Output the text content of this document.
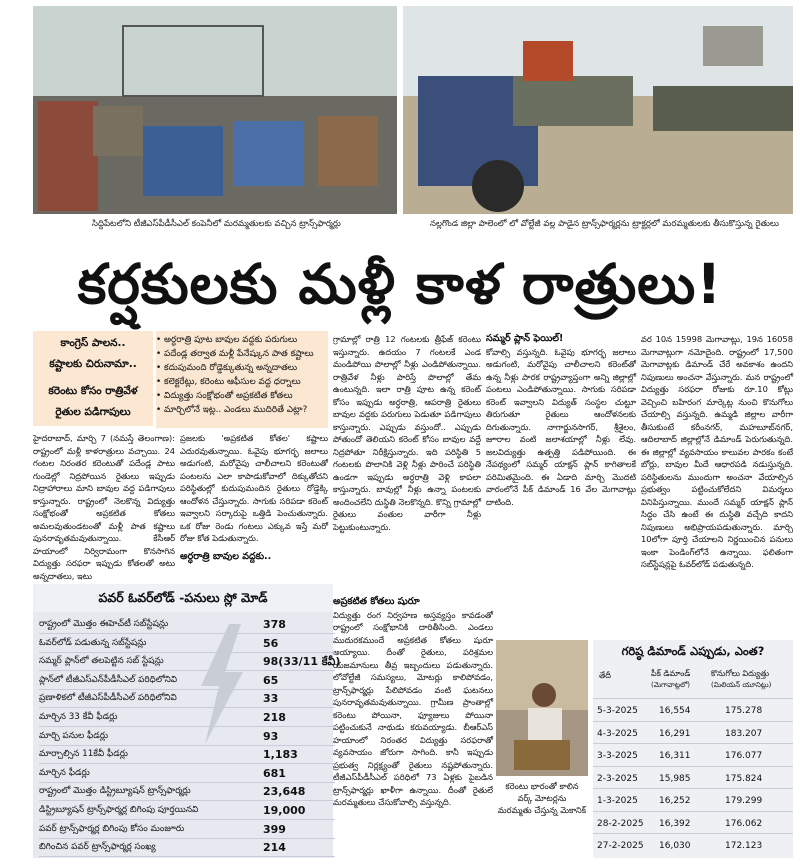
సిద్దిపేటలోని టీజీఎస్‌పీడీసీఎల్ కంపెనీలో మరమ్మతులకు వచ్చిన ట్రాన్స్‌ఫార్మర్లు	నల్లగొండ జిల్లా పాలెంలో లో వోల్టేజీ వల్ల పాడైన ట్రాన్స్‌ఫార్మర్లను ట్రాక్టర్లలో మరమ్మతులకు తీసుకొస్తున్న రైతులు
కర్షకులకు మళ్లీ కాళ రాత్రులు!
కాంగ్రెస్ పాలన..
కష్టాలకు చిరునామా..
కరెంటు కోసం రాత్రివేళ
రైతుల పడిగాపులు
• అర్ధరాత్రి పూట బావుల వద్దకు పరుగులు
• పదేండ్ల తర్వాత మళ్లీ పేనేష్కున పాత కష్టాలు
• కదుపుమంది రోడ్డెక్కుతున్న అన్నదాతలు
• కలెక్టరేట్లు, కరెంటు ఆఫీసుల వద్ద ధర్నాలు
• విద్యుత్తు సంక్షోభంతో అప్రకటిత కోతలు
• మార్చిలోనే ఇట్ల.. ఎండలు ముదిరితే ఎట్లా?

హైదరాబాద్, మార్చి 7 (నమస్తే తెలంగాణ): రాష్ట్రంలో మళ్లీ కాళరాత్రులు వచ్చాయి. 24 గంటల నిరంతర కరెంటుతో పదేండ్ల పాటు గుండెల్లో నిద్రపోయిన రైతులు ఇప్పుడు నిద్రాహారాలు మాని బావుల వద్ద పడిగాపులు కాస్తున్నారు. రాష్ట్రంలో నెలకొన్న విద్యుత్తు సంక్షోభంతో అప్రకటిత కోతలు అమలవుతుండటంతో మళ్లీ పాత కష్టాలు పునరావృతమవుతున్నాయి. కేసీఆర్ హయాంలో నిర్విరామంగా కొనసాగిన విద్యుత్తు సరఫరా ఇప్పుడు కోతలతో అటు అన్నదాతలు, ఇటు

ప్రజలకు 'అప్రకటిత కోతల' కష్టాలు ఎదురవుతున్నాయి. ఓవైపు భూగర్భ జలాలు అడుగంటి, మరోవైపు చాలీచాలని కరెంటుతో పంటలను ఎలా కాపాడుకోవాలో దిక్కుతోచని పరిస్థితుల్లో కుదుపుమందిన రైతులు రోడ్డెక్కి ఆందోళన చేస్తున్నారు. సాగుకు సరిపడా కరెంట్ ఇవ్వాలని సర్కారుపై ఒత్తిడి పెంచుతున్నారు. ఒక రోజు రెండు గంటలు ఎక్కువ ఇస్తే మరో రోజు కోత పెడుతున్నారు.

అర్ధరాత్రి బావుల వద్దకు..

గ్రామాల్లో రాత్రి 12 గంటలకు త్రీఫేజ్ కరెంటు ఇస్తున్నారు. ఉదయం 7 గంటలకే ఎండ మండిపోయి పొలాల్లో నీళ్లు ఎండిపోతున్నాయి. రాత్రివేళ నీళ్లు పారిస్తే పొలాల్లో తేమ ఉంటున్నది. ఇలా రాత్రి పూట ఉన్న కరెంట్ కోసం ఇప్పుడు అర్ధరాత్రి, ఆపరాత్రి రైతులు బావుల వద్దకు పరుగులు పెడుతూ పడిగాపులు కాస్తున్నారు. ఎప్పుడు వస్తుందో.. ఎప్పుడు పోతుందో తెలియని కరెంట్ కోసం బావుల వద్దే నిద్రపోతూ నిరీక్షిస్తున్నారు. ఇది పరిస్థితి 5 గంటలకు పొలానికి వెళ్లి నీళ్లు పారించే పరిస్థితి ఉండగా ఇప్పుడు అర్ధరాత్రి వెళ్లి కాపలా కాస్తున్నారు. బావుల్లో నీళ్లు ఉన్నా పంటలకు అందించలేని దుస్థితి నెలకొన్నది. కొన్ని గ్రామాల్లో రైతులు వంతుల వారీగా నీళ్లు పెట్టుకుంటున్నారు.

సమ్మర్ ప్లాన్ ఫెయిల్!

కోవాల్సి వస్తున్నది. ఓవైపు భూగర్భ జలాలు అడుగంటి, మరోవైపు చాలీచాలని కరెంట్‌తో ఉన్న నీళ్లు పారక రాష్ట్రవ్యాప్తంగా అన్ని జిల్లాల్లో పంటలు ఎండిపోతున్నాయి. సాగుకు సరిపడా కరెంట్ ఇవ్వాలని విద్యుత్ సంస్థల చుట్టూ తిరుగుతూ రైతులు ఆందోళనలకు దిగుతున్నారు. నాగార్జునసాగర్, శ్రీశైలం, జూరాల వంటి జలాశయాల్లో నీళ్లు లేవు. జలవిద్యుత్తు ఉత్పత్తి పడిపోయింది. ఈ నేపథ్యంలో సమ్మర్ యాక్షన్ ప్లాన్ కాగితాలకే పరిమితమైంది. ఈ ఏడాది మార్చి మొదటి వారంలోనే పీక్ డిమాండ్ 16 వేల మెగావాట్లు దాటింది.

వర 10న 15998 మెగావాట్లు, 19న 16058 మెగావాట్లుగా నమోదైంది. రాష్ట్రంలో 17,500 మెగావాట్లకు డిమాండ్ చేరే అవకాశం ఉందని నిపుణులు అంచనా వేస్తున్నారు. మన రాష్ట్రంలో విద్యుత్తు సరఫరా రోజుకు రూ.10 కోట్లు వెచ్చించి బహిరంగ మార్కెట్ల నుంచి కొనుగోలు చేయాల్సి వస్తున్నది. ఉమ్మడి జిల్లాల వారీగా తీసుకుంటే కరీంనగర్, మహబూబ్‌నగర్, ఆదిలాబాద్ జిల్లాల్లోనే డిమాండ్ పెరుగుతున్నది. ఈ జిల్లాల్లో వ్యవసాయం కాలువల పారకం కంటే బోర్లు, బావుల మీదే ఆధారపడి నడుస్తున్నది. పరిస్థితులను ముందుగా అంచనా వేయాల్సిన ప్రభుత్వం పట్టించుకోలేదని విమర్శలు వినిపిస్తున్నాయి. ముందే సమ్మర్ యాక్షన్ ప్లాన్ సిద్ధం చేసి ఉంటే ఈ దుస్థితి వచ్చేది కాదని నిపుణులు అభిప్రాయపడుతున్నారు. మార్చి 10లోగా పూర్తి చేయాలని నిర్ణయించిన పనులు ఇంకా పెండింగ్‌లోనే ఉన్నాయి. ఫలితంగా సబ్‌స్టేషన్లపై ఓవర్‌లోడ్ పడుతున్నది.

అప్రకటిత కోతలు షురూ

విద్యుత్తు రంగ నిర్వహణ అస్తవ్యస్తం కావడంతో రాష్ట్రంలో సంక్షోభానికి దారితీసింది. ఎండలు ముదురకముందే అప్రకటిత కోతలు షురూ అయ్యాయి. దీంతో రైతులు, పరిశ్రమల యజమానులు తీవ్ర ఇబ్బందులు పడుతున్నారు. లోవోల్టేజీ సమస్యలు, మోటర్లు కాలిపోవడం, ట్రాన్స్‌ఫార్మర్లు పేలిపోవడం వంటి ఘటనలు పునరావృతమవుతున్నాయి. గ్రామీణ ప్రాంతాల్లో కరెంటు పోయినా, ఫ్యూజులు పోయినా పట్టించుకునే నాథుడు కరువయ్యాడు. బీఆర్ఎస్ హయాంలో నిరంతర విద్యుత్తు సరఫరాతో వ్యవసాయం జోరుగా సాగింది. కానీ ఇప్పుడు ప్రభుత్వ నిర్లక్ష్యంతో రైతులు నష్టపోతున్నారు. టీజీఎస్‌పీడీసీఎల్ పరిధిలో 73 ఏళ్లకు పైబడిన ట్రాన్స్‌ఫార్మర్లు ఖాళీగా ఉన్నాయి. దీంతో రైతులే మరమ్మతులు చేసుకోవాల్సి వస్తున్నది.

పవర్ ఓవర్‌లోడ్ -పనులు స్లో మోడ్
రాష్ట్రంలో మొత్తం ఈహెచ్‌టీ సబ్‌స్టేషన్లు	378
ఓవర్‌లోడ్ పడుతున్న సబ్‌స్టేషన్లు	56
సమ్మర్ ప్లాన్‌లో తలపెట్టిన సబ్ స్టేషన్లు	98(33/11 కేవీ)
ప్లాన్‌లో టీజీఎస్‌ఎన్‌పీడీసీఎల్ పరిధిలోనివి	65
ప్రణాళికలో టీజీఎస్‌పీడీసీఎల్ పరిధిలోనివి	33
మార్చిన 33 కేవీ ఫీడర్లు	218
మార్చి పనుల ఫీడర్లు	93
మార్చాల్సిన 11కేవీ ఫీడర్లు	1,183
మార్చిన ఫీడర్లు	681
రాష్ట్రంలో మొత్తం డిస్ట్రిబ్యూషన్ ట్రాన్స్‌ఫార్మర్లు	23,648
డిస్ట్రిబ్యూషన్ ట్రాన్స్‌ఫార్మర్ల బిగింపు పూర్తయినవి	19,000
పవర్ ట్రాన్స్‌ఫార్మర్ల బిగింపు కోసం మంజూరు	399
బిగించిన పవర్ ట్రాన్స్‌ఫార్మర్ల సంఖ్య	214
కరెంటు భారంతో కాలిన
వర్క్ మోటర్లను
మరమ్మతు చేస్తున్న మెకానిక్
గరిష్ఠ డిమాండ్ ఎప్పుడు, ఎంత?
తేదీ	పీక్ డిమాండ్
(మెగావాట్లలో)
కొనుగోలు విద్యుత్తు
(మిలియన్ యూనిట్లు)
5-3-2025 16,554	175.278
4-3-2025 16,291	183.207
3-3-2025 16,311	176.077
2-3-2025 15,985	175.824
1-3-2025 16,252	179.299
28-2-2025 16,392	176.062
27-2-2025 16,030	172.123
